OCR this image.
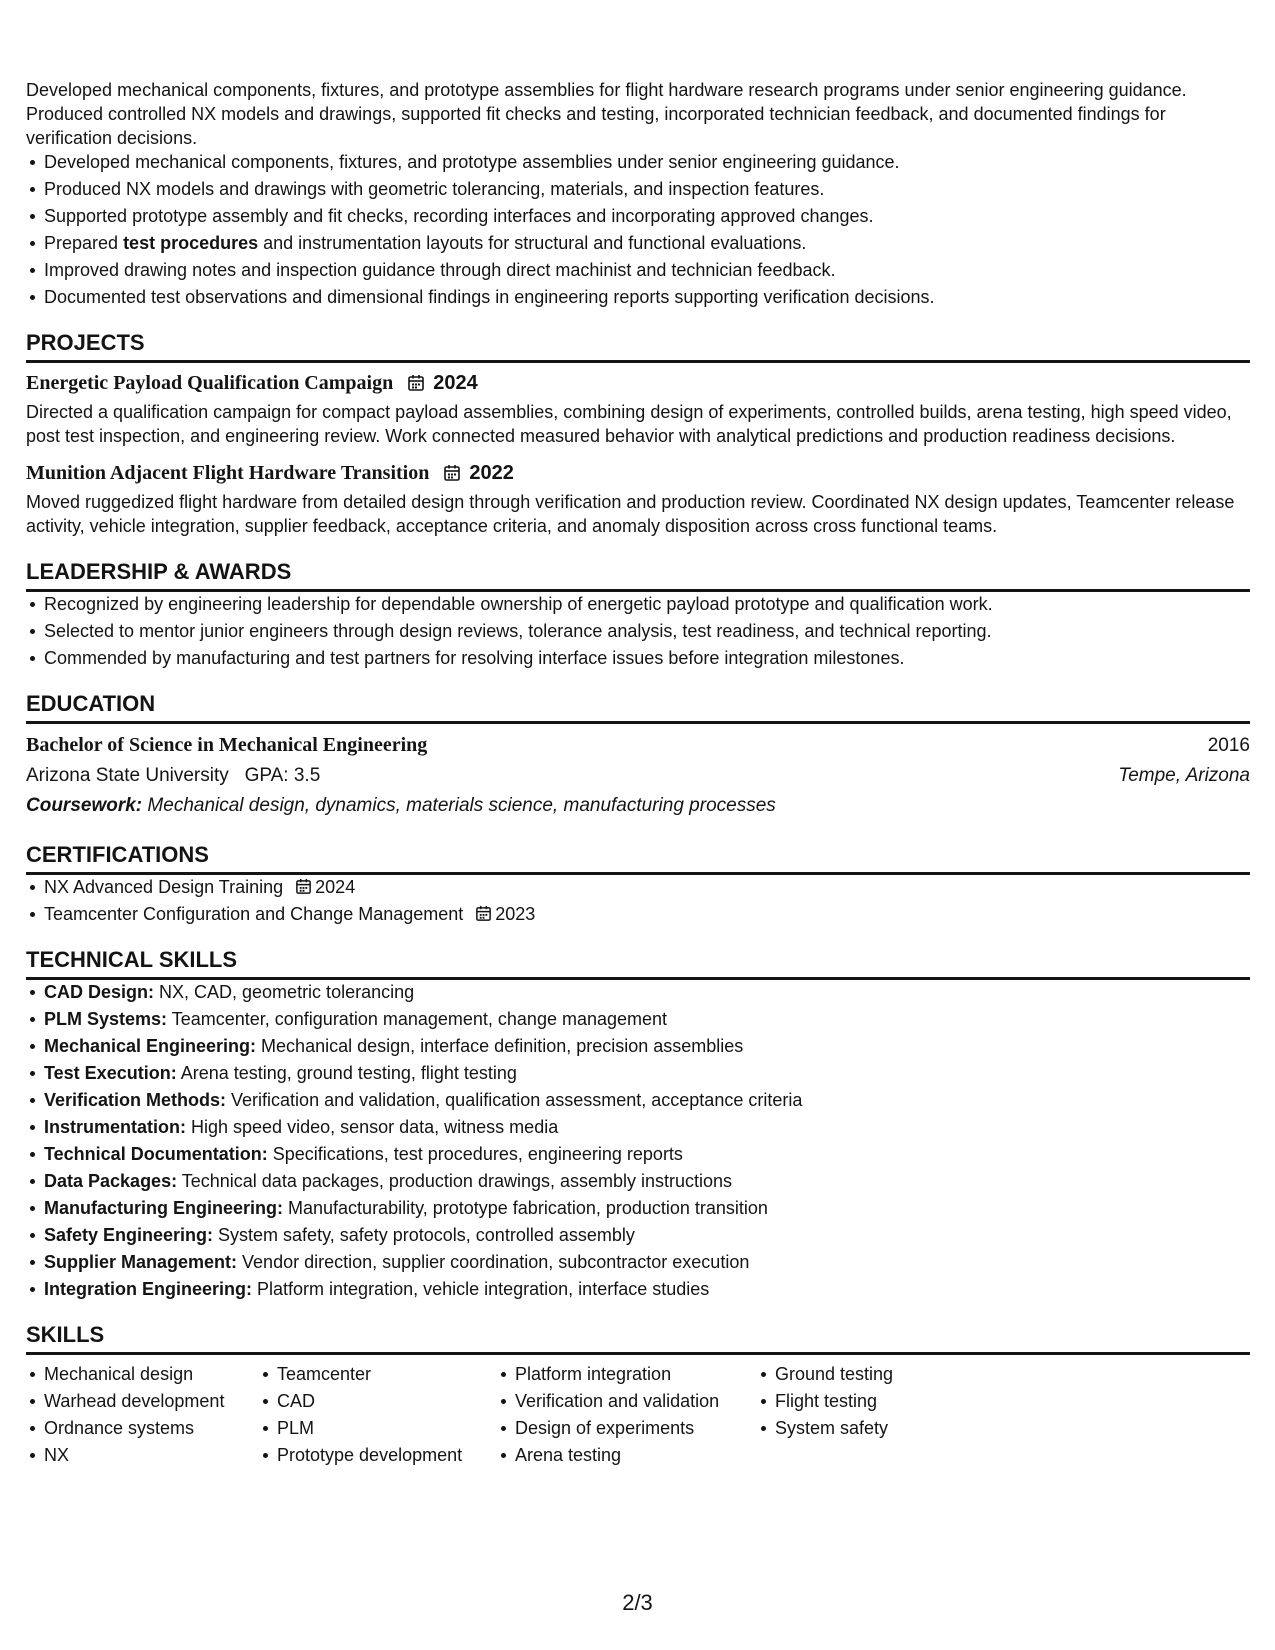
Developed mechanical components, fixtures, and prototype assemblies for flight hardware research programs under senior engineering guidance. Produced controlled NX models and drawings, supported fit checks and testing, incorporated technician feedback, and documented findings for verification decisions.

Developed mechanical components, fixtures, and prototype assemblies under senior engineering guidance.
Produced NX models and drawings with geometric tolerancing, materials, and inspection features.
Supported prototype assembly and fit checks, recording interfaces and incorporating approved changes.
Prepared test procedures and instrumentation layouts for structural and functional evaluations.
Improved drawing notes and inspection guidance through direct machinist and technician feedback.
Documented test observations and dimensional findings in engineering reports supporting verification decisions.
PROJECTS
Energetic Payload Qualification Campaign 2024

Directed a qualification campaign for compact payload assemblies, combining design of experiments, controlled builds, arena testing, high speed video, post test inspection, and engineering review. Work connected measured behavior with analytical predictions and production readiness decisions.

Munition Adjacent Flight Hardware Transition 2022

Moved ruggedized flight hardware from detailed design through verification and production review. Coordinated NX design updates, Teamcenter release activity, vehicle integration, supplier feedback, acceptance criteria, and anomaly disposition across cross functional teams.

LEADERSHIP & AWARDS
Recognized by engineering leadership for dependable ownership of energetic payload prototype and qualification work.
Selected to mentor junior engineers through design reviews, tolerance analysis, test readiness, and technical reporting.
Commended by manufacturing and test partners for resolving interface issues before integration milestones.
EDUCATION
Bachelor of Science in Mechanical Engineering	2016
Arizona State University GPA: 3.5	Tempe, Arizona
Coursework: Mechanical design, dynamics, materials science, manufacturing processes
CERTIFICATIONS
NX Advanced Design Training 2024
Teamcenter Configuration and Change Management 2023
TECHNICAL SKILLS
CAD Design: NX, CAD, geometric tolerancing
PLM Systems: Teamcenter, configuration management, change management
Mechanical Engineering: Mechanical design, interface definition, precision assemblies
Test Execution: Arena testing, ground testing, flight testing
Verification Methods: Verification and validation, qualification assessment, acceptance criteria
Instrumentation: High speed video, sensor data, witness media
Technical Documentation: Specifications, test procedures, engineering reports
Data Packages: Technical data packages, production drawings, assembly instructions
Manufacturing Engineering: Manufacturability, prototype fabrication, production transition
Safety Engineering: System safety, safety protocols, controlled assembly
Supplier Management: Vendor direction, supplier coordination, subcontractor execution
Integration Engineering: Platform integration, vehicle integration, interface studies
SKILLS
Mechanical design
Warhead development
Ordnance systems
NX
Teamcenter
CAD
PLM
Prototype development
Platform integration
Verification and validation
Design of experiments
Arena testing
Ground testing
Flight testing
System safety
2/3
